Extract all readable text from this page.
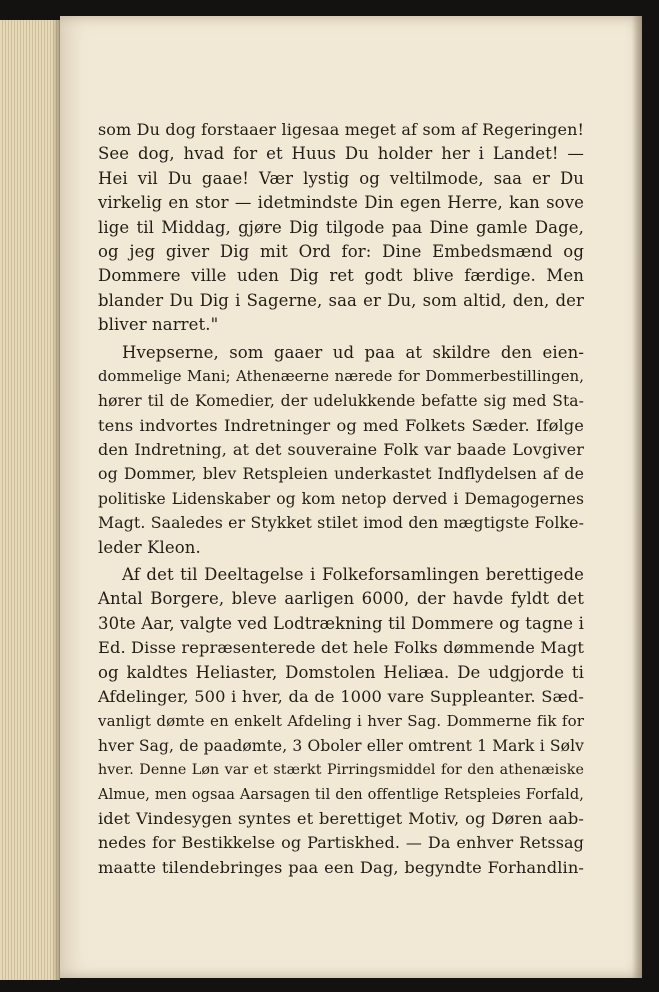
som Du dog forstaaer ligesaa meget af som af Regeringen!
See dog, hvad for et Huus Du holder her i Landet! —
Hei vil Du gaae! Vær lystig og veltilmode, saa er Du
virkelig en stor — idetmindste Din egen Herre, kan sove
lige til Middag, gjøre Dig tilgode paa Dine gamle Dage,
og jeg giver Dig mit Ord for: Dine Embedsmænd og
Dommere ville uden Dig ret godt blive færdige. Men
blander Du Dig i Sagerne, saa er Du, som altid, den, der
bliver narret."
Hvepserne, som gaaer ud paa at skildre den eien-
dommelige Mani; Athenæerne nærede for Dommerbestillingen,
hører til de Komedier, der udelukkende befatte sig med Sta-
tens indvortes Indretninger og med Folkets Sæder. Ifølge
den Indretning, at det souveraine Folk var baade Lovgiver
og Dommer, blev Retspleien underkastet Indflydelsen af de
politiske Lidenskaber og kom netop derved i Demagogernes
Magt. Saaledes er Stykket stilet imod den mægtigste Folke-
leder Kleon.
Af det til Deeltagelse i Folkeforsamlingen berettigede
Antal Borgere, bleve aarligen 6000, der havde fyldt det
30te Aar, valgte ved Lodtrækning til Dommere og tagne i
Ed. Disse repræsenterede det hele Folks dømmende Magt
og kaldtes Heliaster, Domstolen Heliæa. De udgjorde ti
Afdelinger, 500 i hver, da de 1000 vare Suppleanter. Sæd-
vanligt dømte en enkelt Afdeling i hver Sag. Dommerne fik for
hver Sag, de paadømte, 3 Oboler eller omtrent 1 Mark i Sølv
hver. Denne Løn var et stærkt Pirringsmiddel for den athenæiske
Almue, men ogsaa Aarsagen til den offentlige Retspleies Forfald,
idet Vindesygen syntes et berettiget Motiv, og Døren aab-
nedes for Bestikkelse og Partiskhed. — Da enhver Retssag
maatte tilendebringes paa een Dag, begyndte Forhandlin-
